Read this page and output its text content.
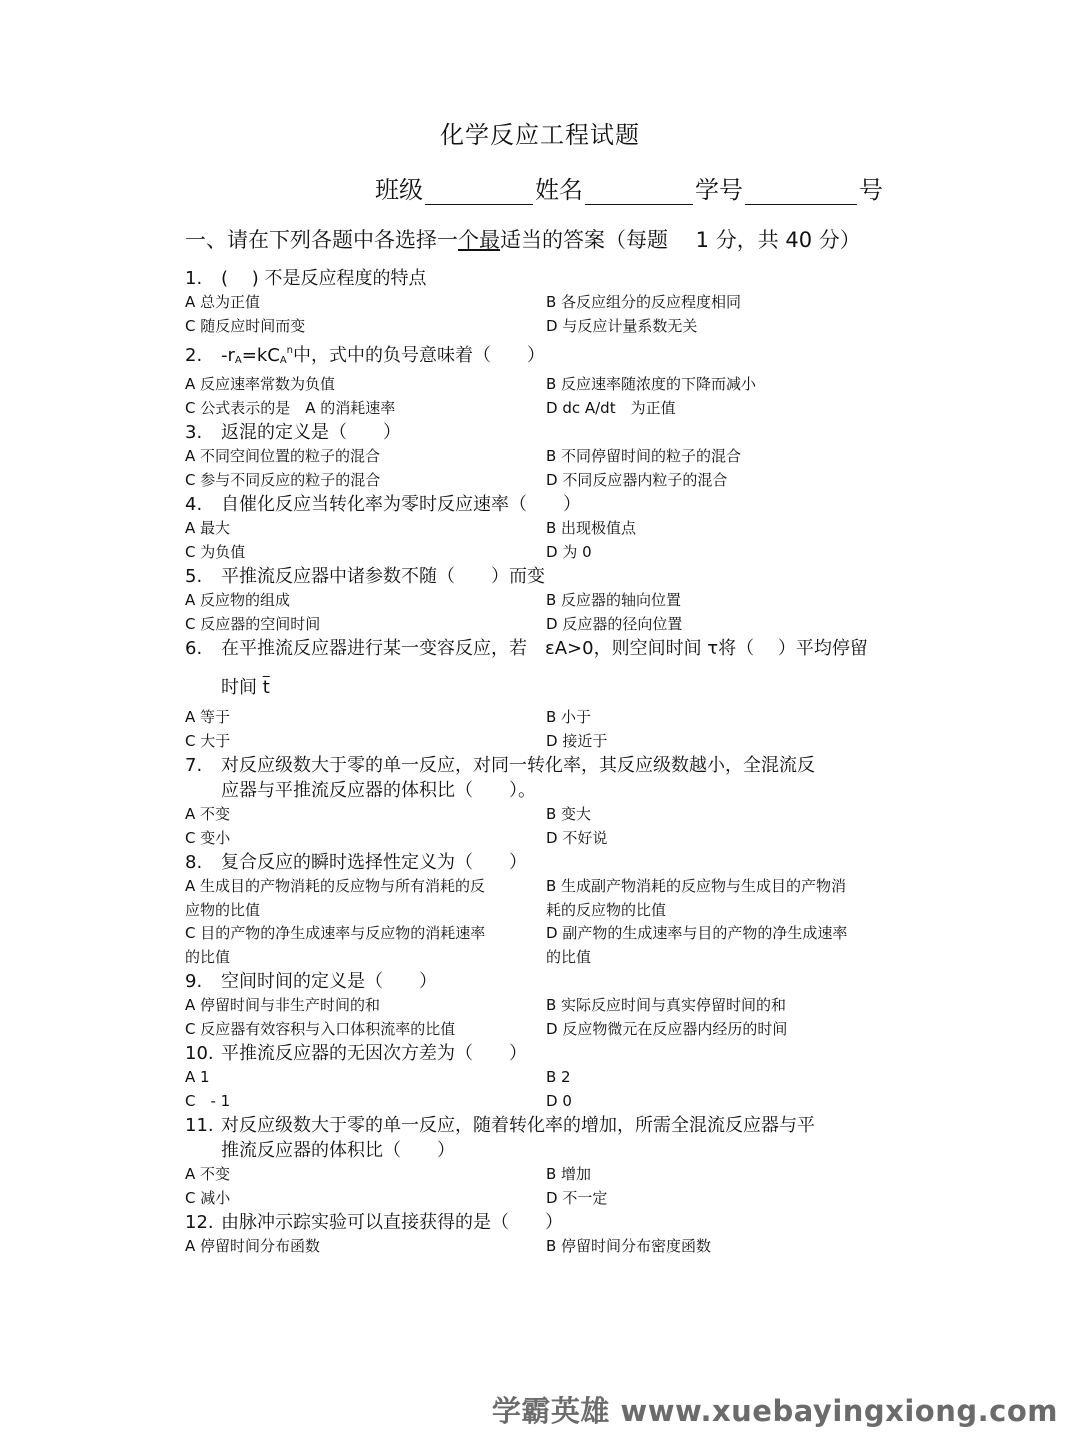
化学反应工程试题
班级	姓名	学号	号
一、请在下列各题中各选择一个最适当的答案（每题　 1 分，共 40 分）
1. (　 ) 不是反应程度的特点
A 总为正值	B 各反应组分的反应程度相同
C 随反应时间而变	D 与反应计量系数无关
2. $-r_A=kC_A^n$中，式中的负号意味着（　　）
A 反应速率常数为负值	B 反应速率随浓度的下降而减小
C 公式表示的是　A 的消耗速率	D dc A/dt　为正值
3. 返混的定义是（　　）
A 不同空间位置的粒子的混合	B 不同停留时间的粒子的混合
C 参与不同反应的粒子的混合	D 不同反应器内粒子的混合
4. 自催化反应当转化率为零时反应速率（　　）
A 最大	B 出现极值点
C 为负值	D 为 0
5. 平推流反应器中诸参数不随（　　）而变
A 反应物的组成	B 反应器的轴向位置
C 反应器的空间时间	D 反应器的径向位置
6. 在平推流反应器进行某一变容反应，若　εA>0，则空间时间 τ将（　 ）平均停留
时间 $\overline{t}$
A 等于	B 小于
C 大于	D 接近于
7. 对反应级数大于零的单一反应，对同一转化率，其反应级数越小，全混流反
应器与平推流反应器的体积比（　　）。
A 不变	B 变大
C 变小	D 不好说
8. 复合反应的瞬时选择性定义为（　　）
A 生成目的产物消耗的反应物与所有消耗的反应物的比值
B 生成副产物消耗的反应物与生成目的产物消耗的反应物的比值
C 目的产物的净生成速率与反应物的消耗速率的比值
D 副产物的生成速率与目的产物的净生成速率的比值
9. 空间时间的定义是（　　）
A 停留时间与非生产时间的和	B 实际反应时间与真实停留时间的和
C 反应器有效容积与入口体积流率的比值	D 反应物微元在反应器内经历的时间
10. 平推流反应器的无因次方差为（　　）
A 1	B 2
C　- 1	D 0
11. 对反应级数大于零的单一反应，随着转化率的增加，所需全混流反应器与平
推流反应器的体积比（　　）
A 不变	B 增加
C 减小	D 不一定
12. 由脉冲示踪实验可以直接获得的是（　　）
A 停留时间分布函数	B 停留时间分布密度函数
学霸英雄 www.xuebayingxiong.com
